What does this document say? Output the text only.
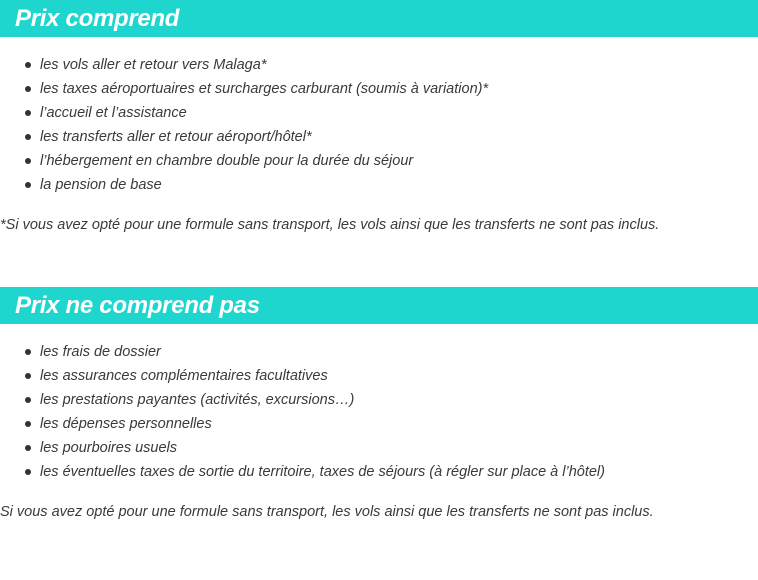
Prix comprend
les vols aller et retour vers Malaga*
les taxes aéroportuaires et surcharges carburant (soumis à variation)*
l’accueil et l’assistance
les transferts aller et retour aéroport/hôtel*
l’hébergement en chambre double pour la durée du séjour
la pension de base

*Si vous avez opté pour une formule sans transport, les vols ainsi que les transferts ne sont pas inclus.

Prix ne comprend pas
les frais de dossier
les assurances complémentaires facultatives
les prestations payantes (activités, excursions…)
les dépenses personnelles
les pourboires usuels
les éventuelles taxes de sortie du territoire, taxes de séjours (à régler sur place à l’hôtel)

Si vous avez opté pour une formule sans transport, les vols ainsi que les transferts ne sont pas inclus.
